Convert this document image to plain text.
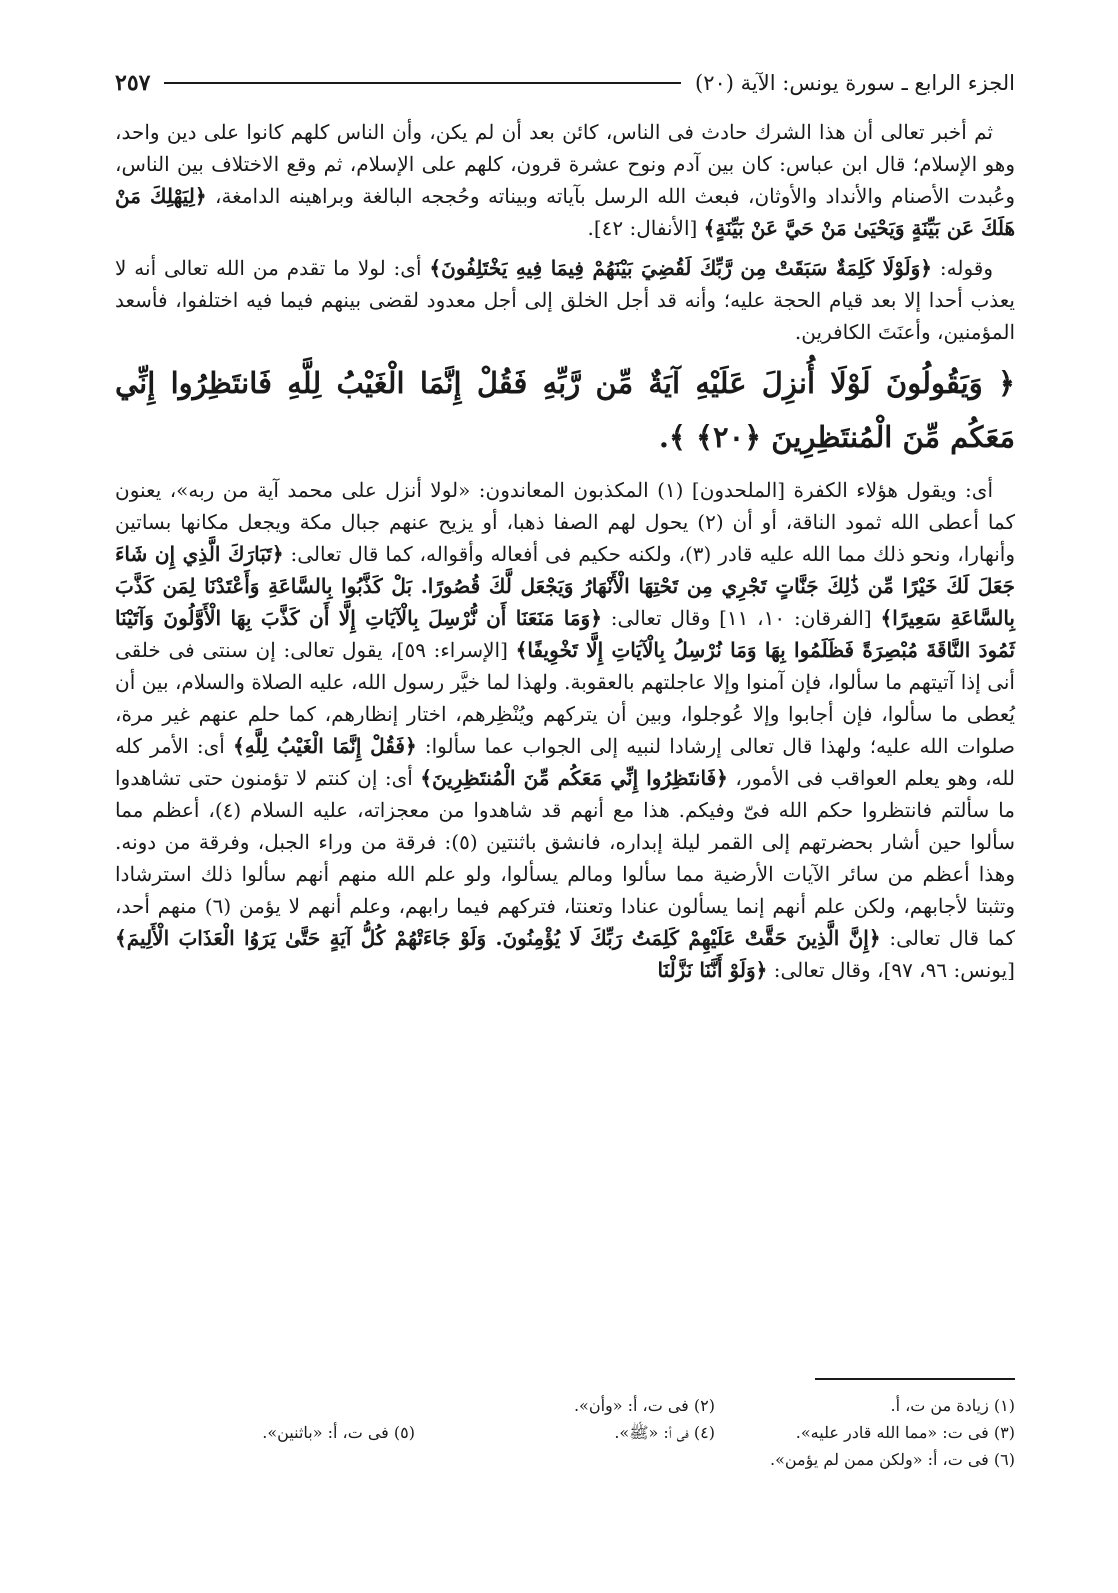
الجزء الرابع ـ سورة يونس: الآية (٢٠)
٢٥٧

ثم أخبر تعالى أن هذا الشرك حادث فى الناس، كائن بعد أن لم يكن، وأن الناس كلهم كانوا على دين واحد، وهو الإسلام؛ قال ابن عباس: كان بين آدم ونوح عشرة قرون، كلهم على الإسلام، ثم وقع الاختلاف بين الناس، وعُبدت الأصنام والأنداد والأوثان، فبعث الله الرسل بآياته وبيناته وحُججه البالغة وبراهينه الدامغة، ﴿لِيَهْلِكَ مَنْ هَلَكَ عَن بَيِّنَةٍ وَيَحْيَىٰ مَنْ حَيَّ عَنْ بَيِّنَةٍ﴾ [الأنفال: ٤٢].

وقوله: ﴿وَلَوْلَا كَلِمَةٌ سَبَقَتْ مِن رَّبِّكَ لَقُضِيَ بَيْنَهُمْ فِيمَا فِيهِ يَخْتَلِفُونَ﴾ أى: لولا ما تقدم من الله تعالى أنه لا يعذب أحدا إلا بعد قيام الحجة عليه؛ وأنه قد أجل الخلق إلى أجل معدود لقضى بينهم فيما فيه اختلفوا، فأسعد المؤمنين، وأعنَتَ الكافرين.

﴿ وَيَقُولُونَ لَوْلَا أُنزِلَ عَلَيْهِ آيَةٌ مِّن رَّبِّهِ فَقُلْ إِنَّمَا الْغَيْبُ لِلَّهِ فَانتَظِرُوا إِنِّي مَعَكُم مِّنَ الْمُنتَظِرِينَ ﴿٢٠﴾ ﴾.

أى: ويقول هؤلاء الكفرة [الملحدون] (١) المكذبون المعاندون: «لولا أنزل على محمد آية من ربه»، يعنون كما أعطى الله ثمود الناقة، أو أن (٢) يحول لهم الصفا ذهبا، أو يزيح عنهم جبال مكة ويجعل مكانها بساتين وأنهارا، ونحو ذلك مما الله عليه قادر (٣)، ولكنه حكيم فى أفعاله وأقواله، كما قال تعالى: ﴿تَبَارَكَ الَّذِي إِن شَاءَ جَعَلَ لَكَ خَيْرًا مِّن ذَٰلِكَ جَنَّاتٍ تَجْرِي مِن تَحْتِهَا الْأَنْهَارُ وَيَجْعَل لَّكَ قُصُورًا. بَلْ كَذَّبُوا بِالسَّاعَةِ وَأَعْتَدْنَا لِمَن كَذَّبَ بِالسَّاعَةِ سَعِيرًا﴾ [الفرقان: ١٠، ١١] وقال تعالى: ﴿وَمَا مَنَعَنَا أَن نُّرْسِلَ بِالْآيَاتِ إِلَّا أَن كَذَّبَ بِهَا الْأَوَّلُونَ وَآتَيْنَا ثَمُودَ النَّاقَةَ مُبْصِرَةً فَظَلَمُوا بِهَا وَمَا نُرْسِلُ بِالْآيَاتِ إِلَّا تَخْوِيفًا﴾ [الإسراء: ٥٩]، يقول تعالى: إن سنتى فى خلقى أنى إذا آتيتهم ما سألوا، فإن آمنوا وإلا عاجلتهم بالعقوبة. ولهذا لما خيَّر رسول الله، عليه الصلاة والسلام، بين أن يُعطى ما سألوا، فإن أجابوا وإلا عُوجلوا، وبين أن يتركهم ويُنْظِرهم، اختار إنظارهم، كما حلم عنهم غير مرة، صلوات الله عليه؛ ولهذا قال تعالى إرشادا لنبيه إلى الجواب عما سألوا: ﴿فَقُلْ إِنَّمَا الْغَيْبُ لِلَّهِ﴾ أى: الأمر كله لله، وهو يعلم العواقب فى الأمور، ﴿فَانتَظِرُوا إِنِّي مَعَكُم مِّنَ الْمُنتَظِرِينَ﴾ أى: إن كنتم لا تؤمنون حتى تشاهدوا ما سألتم فانتظروا حكم الله فىّ وفيكم. هذا مع أنهم قد شاهدوا من معجزاته، عليه السلام (٤)، أعظم مما سألوا حين أشار بحضرتهم إلى القمر ليلة إبداره، فانشق باثنتين (٥): فرقة من وراء الجبل، وفرقة من دونه. وهذا أعظم من سائر الآيات الأرضية مما سألوا ومالم يسألوا، ولو علم الله منهم أنهم سألوا ذلك استرشادا وتثبتا لأجابهم، ولكن علم أنهم إنما يسألون عنادا وتعنتا، فتركهم فيما رابهم، وعلم أنهم لا يؤمن (٦) منهم أحد، كما قال تعالى: ﴿إِنَّ الَّذِينَ حَقَّتْ عَلَيْهِمْ كَلِمَتُ رَبِّكَ لَا يُؤْمِنُونَ. وَلَوْ جَاءَتْهُمْ كُلُّ آيَةٍ حَتَّىٰ يَرَوُا الْعَذَابَ الْأَلِيمَ﴾ [يونس: ٩٦، ٩٧]، وقال تعالى: ﴿وَلَوْ أَنَّنَا نَزَّلْنَا

(١) زيادة من ت، أ.
(٢) فى ت، أ: «وأن».
(٣) فى ت: «مما الله قادر عليه».
(٤) فى أ: «ﷺ».
(٥) فى ت، أ: «باثنين».
(٦) فى ت، أ: «ولكن ممن لم يؤمن».
